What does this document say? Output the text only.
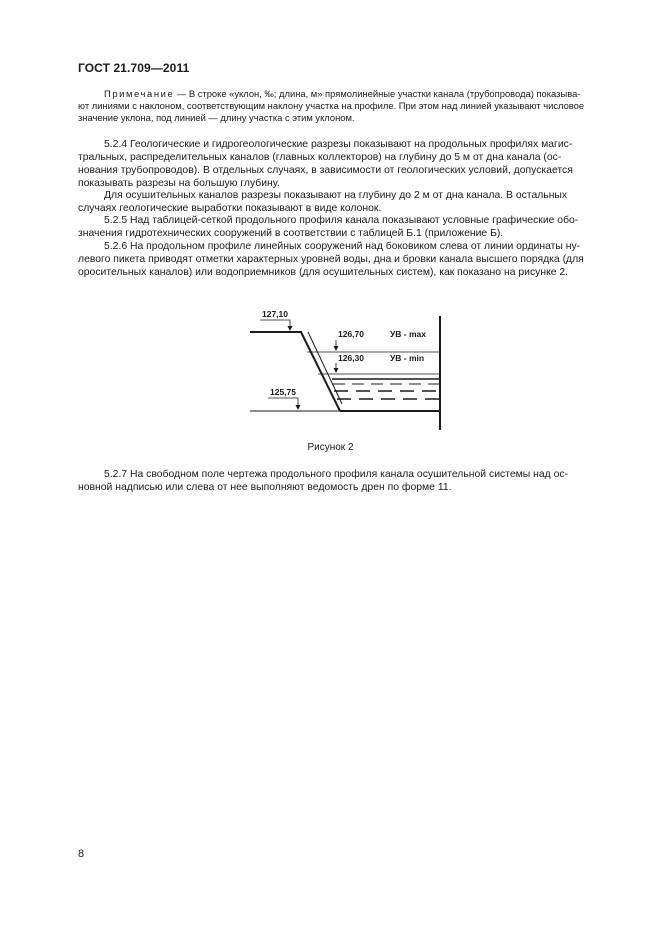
ГОСТ 21.709—2011
Примечание — В строке «уклон, ‰; длина, м» прямолинейные участки канала (трубопровода) показыва-
ют линиями с наклоном, соответствующим наклону участка на профиле. При этом над линией указывают числовое
значение уклона, под линией — длину участка с этим уклоном.
5.2.4 Геологические и гидрогеологические разрезы показывают на продольных профилях магис-
тральных, распределительных каналов (главных коллекторов) на глубину до 5 м от дна канала (ос-
нования трубопроводов). В отдельных случаях, в зависимости от геологических условий, допускается
показывать разрезы на большую глубину.
Для осушительных каналов разрезы показывают на глубину до 2 м от дна канала. В остальных
случаях геологические выработки показывают в виде колонок.
5.2.5 Над таблицей-сеткой продольного профиля канала показывают условные графические обо-
значения гидротехнических сооружений в соответствии с таблицей Б.1 (приложение Б).
5.2.6 На продольном профиле линейных сооружений над боковиком слева от линии ординаты ну-
левого пикета приводят отметки характерных уровней воды, дна и бровки канала высшего порядка (для
оросительных каналов) или водоприемников (для осушительных систем), как показано на рисунке 2.
127,10
126,70	УВ - max
126,30	УВ - min
125,75
Рисунок 2
5.2.7 На свободном поле чертежа продольного профиля канала осушительной системы над ос-
новной надписью или слева от нее выполняют ведомость дрен по форме 11.
8
